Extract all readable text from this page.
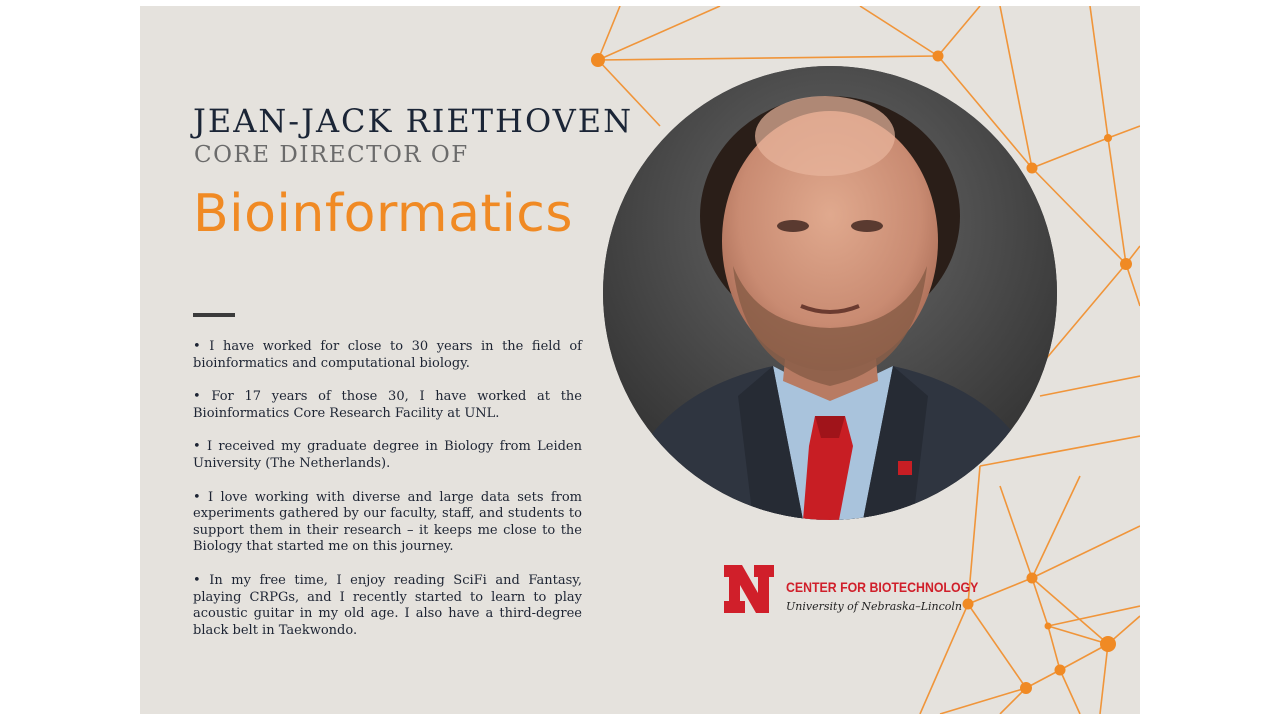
JEAN-JACK RIETHOVEN
CORE DIRECTOR OF
Bioinformatics
• I have worked for close to 30 years in the field of bioinformatics and computational biology.
• For 17 years of those 30, I have worked at the Bioinformatics Core Research Facility at UNL.
• I received my graduate degree in Biology from Leiden University (The Netherlands).
• I love working with diverse and large data sets from experiments gathered by our faculty, staff, and students to support them in their research – it keeps me close to the Biology that started me on this journey.
• In my free time, I enjoy reading SciFi and Fantasy, playing CRPGs, and I recently started to learn to play acoustic guitar in my old age. I also have a third-degree black belt in Taekwondo.
CENTER FOR BIOTECHNOLOGY
University of Nebraska–Lincoln
